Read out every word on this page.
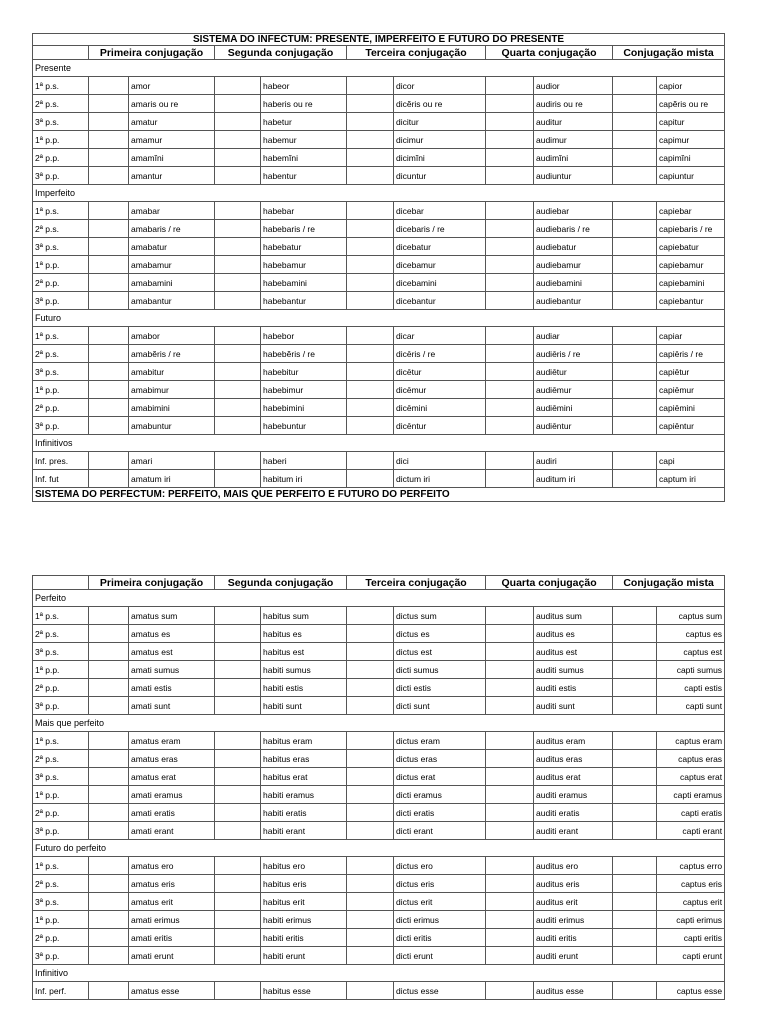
SISTEMA DO INFECTUM: PRESENTE, IMPERFEITO E FUTURO DO PRESENTE										
	Primeira conjugação		Segunda conjugação		Terceira conjugação		Quarta conjugação		Conjugação mista	
Presente										
1ª p.s.		amor		habeor		dicor		audior		capior
2ª p.s.		amaris ou re		haberis ou re		dicĕris ou re		audiris ou re		capĕris ou re
3ª p.s.		amatur		habetur		dicitur		auditur		capitur
1ª p.p.		amamur		habemur		dicimur		audimur		capimur
2ª p.p.		amamĭni		habemĭni		dicimĭni		audimĭni		capimĭni
3ª p.p.		amantur		habentur		dicuntur		audiuntur		capiuntur
Imperfeito										
1ª p.s.		amabar		habebar		dicebar		audiebar		capiebar
2ª p.s.		amabaris / re		habebaris / re		dicebaris / re		audiebaris / re		capiebaris / re
3ª p.s.		amabatur		habebatur		dicebatur		audiebatur		capiebatur
1ª p.p.		amabamur		habebamur		dicebamur		audiebamur		capiebamur
2ª p.p.		amabamini		habebamini		dicebamini		audiebamini		capiebamini
3ª p.p.		amabantur		habebantur		dicebantur		audiebantur		capiebantur
Futuro										
1ª p.s.		amabor		habebor		dicar		audiar		capiar
2ª p.s.		amabĕris / re		habebĕris / re		dicēris / re		audiēris / re		capiēris / re
3ª p.s.		amabitur		habebitur		dicētur		audiētur		capiētur
1ª p.p.		amabimur		habebimur		dicēmur		audiēmur		capiēmur
2ª p.p.		amabimini		habebimini		dicēmini		audiēmini		capiēmini
3ª p.p.		amabuntur		habebuntur		dicēntur		audiēntur		capiēntur
Infinitivos										
Inf. pres.		amari		haberi		dici		audiri		capi
Inf. fut		amatum iri		habitum iri		dictum iri		auditum iri		captum iri
SISTEMA DO PERFECTUM: PERFEITO, MAIS QUE PERFEITO E FUTURO DO PERFEITO										
	Primeira conjugação		Segunda conjugação		Terceira conjugação		Quarta conjugação		Conjugação mista	
Perfeito										
1ª p.s.		amatus sum		habitus sum		dictus sum		auditus sum		captus sum
2ª p.s.		amatus es		habitus es		dictus es		auditus es		captus es
3ª p.s.		amatus est		habitus est		dictus est		auditus est		captus est
1ª p.p.		amati sumus		habiti sumus		dicti sumus		auditi sumus		capti sumus
2ª p.p.		amati estis		habiti estis		dicti estis		auditi estis		capti estis
3ª p.p.		amati sunt		habiti sunt		dicti sunt		auditi sunt		capti sunt
Mais que perfeito										
1ª p.s.		amatus eram		habitus eram		dictus eram		auditus eram		captus eram
2ª p.s.		amatus eras		habitus eras		dictus eras		auditus eras		captus eras
3ª p.s.		amatus erat		habitus erat		dictus erat		auditus erat		captus erat
1ª p.p.		amati eramus		habiti eramus		dicti eramus		auditi eramus		capti eramus
2ª p.p.		amati eratis		habiti eratis		dicti eratis		auditi eratis		capti eratis
3ª p.p.		amati erant		habiti erant		dicti erant		auditi erant		capti erant
Futuro do perfeito										
1ª p.s.		amatus ero		habitus ero		dictus ero		auditus ero		captus erro
2ª p.s.		amatus eris		habitus eris		dictus eris		auditus eris		captus eris
3ª p.s.		amatus erit		habitus erit		dictus erit		auditus erit		captus erit
1ª p.p.		amati erimus		habiti erimus		dicti erimus		auditi erimus		capti erimus
2ª p.p.		amati eritis		habiti eritis		dicti eritis		auditi eritis		capti eritis
3ª p.p.		amati erunt		habiti erunt		dicti erunt		auditi erunt		capti erunt
Infinitivo										
Inf. perf.		amatus esse		habitus esse		dictus esse		auditus esse		captus esse
